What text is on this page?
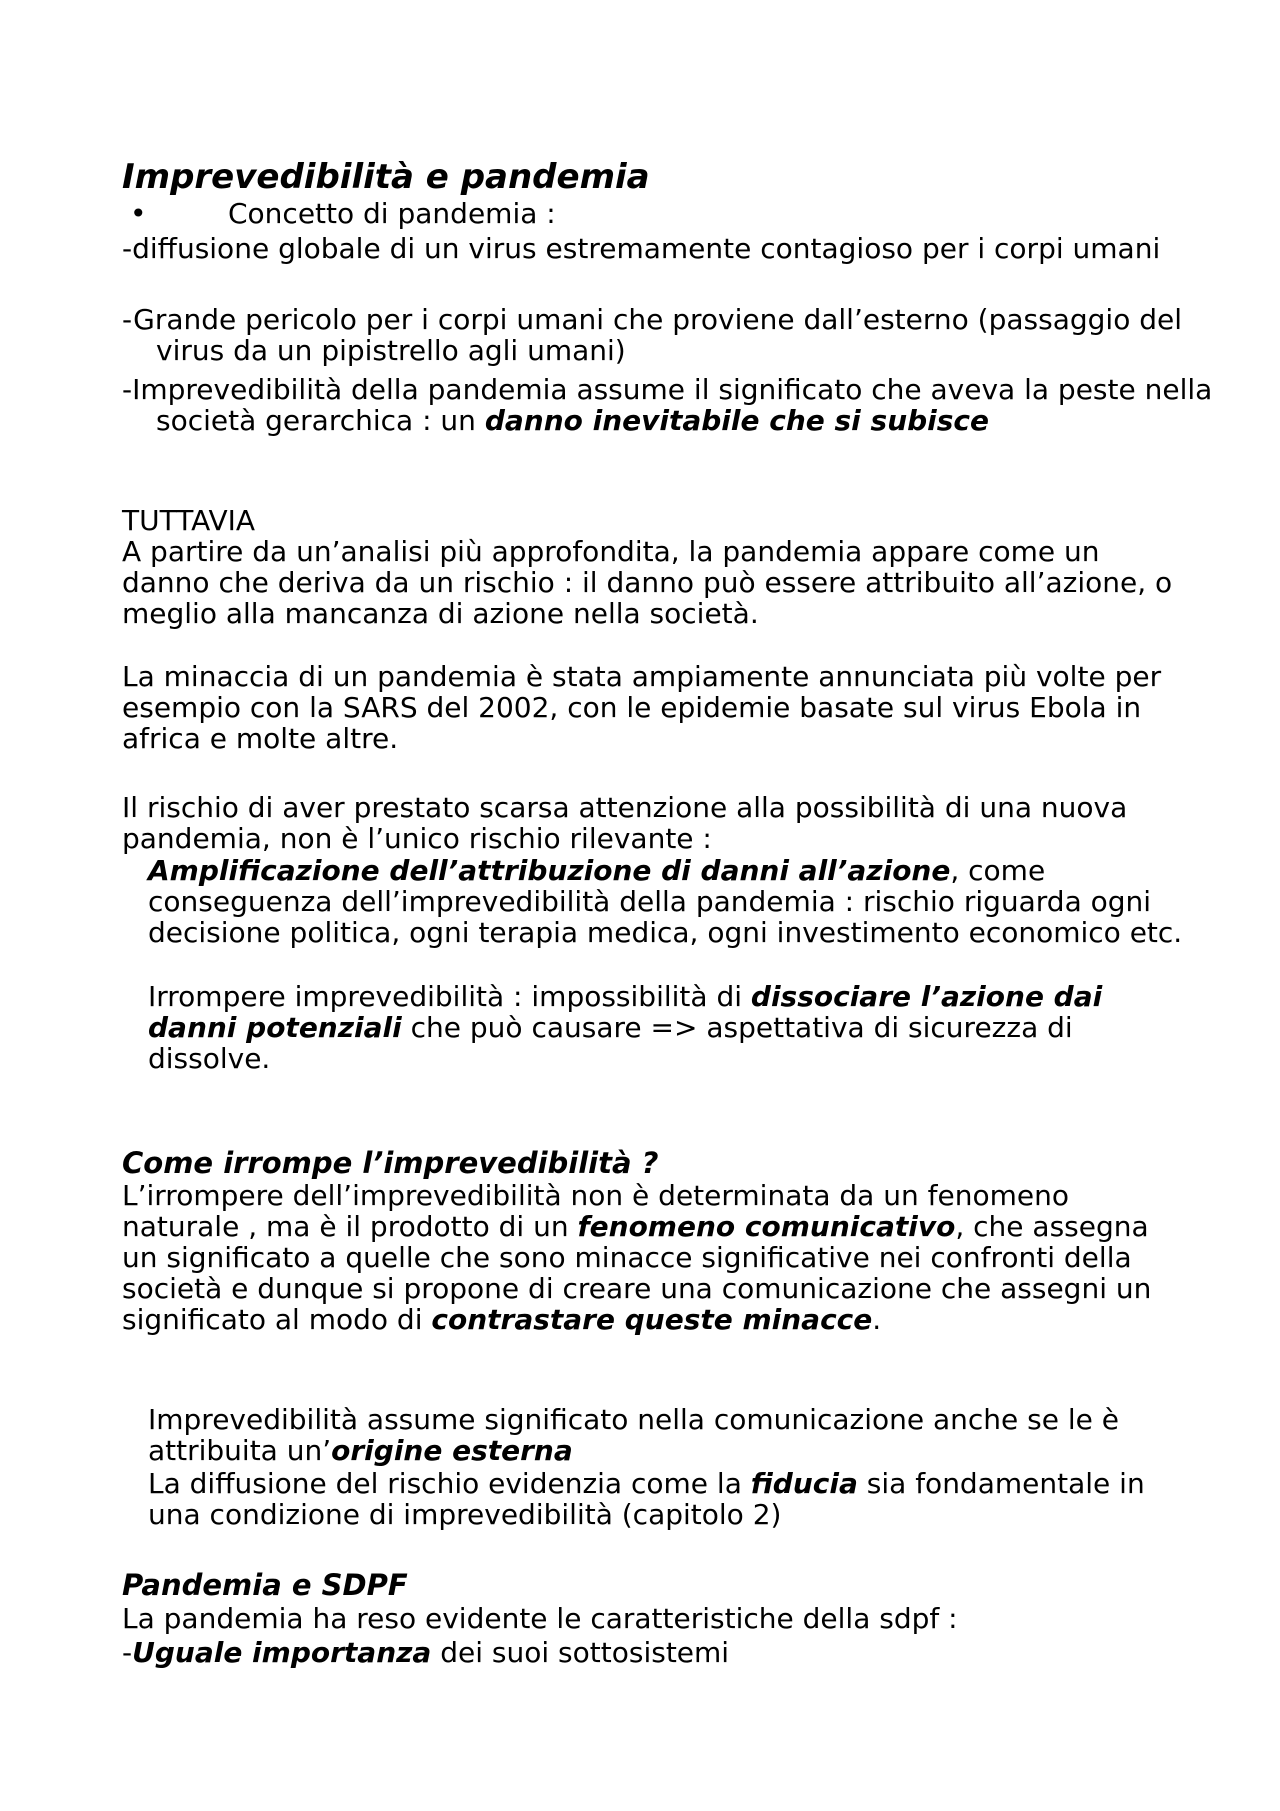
Imprevedibilità e pandemia
•	Concetto di pandemia :
-diffusione globale di un virus estremamente contagioso per i corpi umani
-Grande pericolo per i corpi umani che proviene dall’esterno (passaggio del virus da un pipistrello agli umani)
-Imprevedibilità della pandemia assume il significato che aveva la peste nella società gerarchica : un danno inevitabile che si subisce
TUTTAVIA
A partire da un’analisi più approfondita, la pandemia appare come un danno che deriva da un rischio : il danno può essere attribuito all’azione, o meglio alla mancanza di azione nella società.
La minaccia di un pandemia è stata ampiamente annunciata più volte per esempio con la SARS del 2002, con le epidemie basate sul virus Ebola in africa e molte altre.
Il rischio di aver prestato scarsa attenzione alla possibilità di una nuova pandemia, non è l’unico rischio rilevante :
Amplificazione dell’attribuzione di danni all’azione, come conseguenza dell’imprevedibilità della pandemia : rischio riguarda ogni decisione politica, ogni terapia medica, ogni investimento economico etc.
Irrompere imprevedibilità : impossibilità di dissociare l’azione dai danni potenziali che può causare => aspettativa di sicurezza di dissolve.
Come irrompe l’imprevedibilità ?
L’irrompere dell’imprevedibilità non è determinata da un fenomeno naturale , ma è il prodotto di un fenomeno comunicativo, che assegna un significato a quelle che sono minacce significative nei confronti della società e dunque si propone di creare una comunicazione che assegni un significato al modo di contrastare queste minacce.
Imprevedibilità assume significato nella comunicazione anche se le è attribuita un’origine esterna
La diffusione del rischio evidenzia come la fiducia sia fondamentale in una condizione di imprevedibilità (capitolo 2)
Pandemia e SDPF
La pandemia ha reso evidente le caratteristiche della sdpf :
-Uguale importanza dei suoi sottosistemi
